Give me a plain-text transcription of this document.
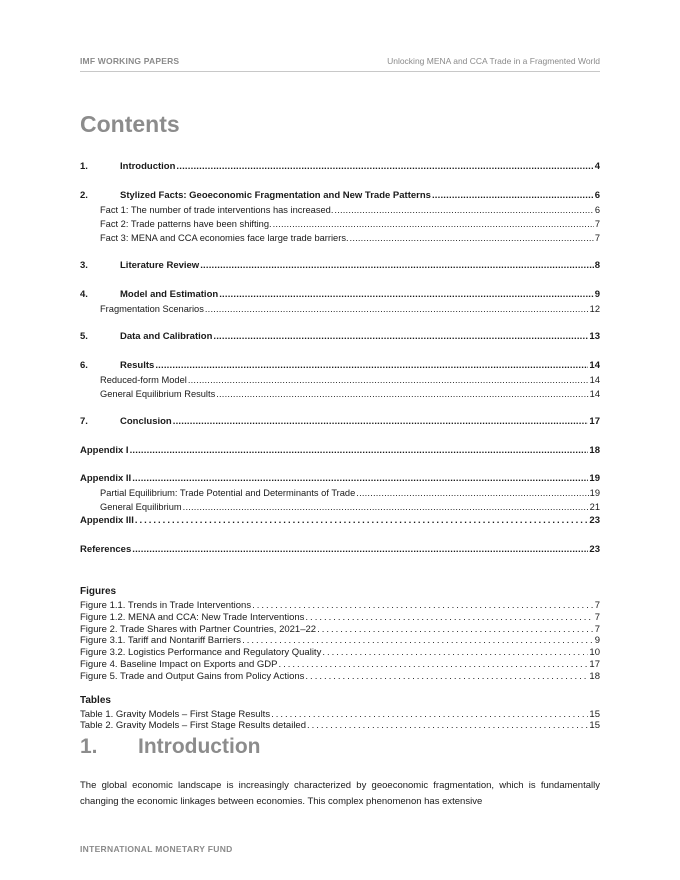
IMF WORKING PAPERS	Unlocking MENA and CCA Trade in a Fragmented World
Contents
1.	Introduction .....	4
2.	Stylized Facts: Geoeconomic Fragmentation and New Trade Patterns .....	6
Fact 1: The number of trade interventions has increased. .....	6
Fact 2: Trade patterns have been shifting. .....	7
Fact 3: MENA and CCA economies face large trade barriers. .....	7
3.	Literature Review .....	8
4.	Model and Estimation .....	9
Fragmentation Scenarios .....	12
5.	Data and Calibration .....	13
6.	Results .....	14
Reduced-form Model .....	14
General Equilibrium Results .....	14
7.	Conclusion .....	17
Appendix I .....	18
Appendix II .....	19
Partial Equilibrium: Trade Potential and Determinants of Trade .....	19
General Equilibrium .....	21
Appendix III .....	23
References .....	23
Figures
Figure 1.1. Trends in Trade Interventions .....	7
Figure 1.2. MENA and CCA: New Trade Interventions .....	7
Figure 2. Trade Shares with Partner Countries, 2021–22 .....	7
Figure 3.1. Tariff and Nontariff Barriers .....	9
Figure 3.2. Logistics Performance and Regulatory Quality .....	10
Figure 4. Baseline Impact on Exports and GDP .....	17
Figure 5. Trade and Output Gains from Policy Actions .....	18
Tables
Table 1. Gravity Models – First Stage Results .....	15
Table 2. Gravity Models – First Stage Results detailed .....	15
1. Introduction
The global economic landscape is increasingly characterized by geoeconomic fragmentation, which is fundamentally changing the economic linkages between economies. This complex phenomenon has extensive
INTERNATIONAL MONETARY FUND
